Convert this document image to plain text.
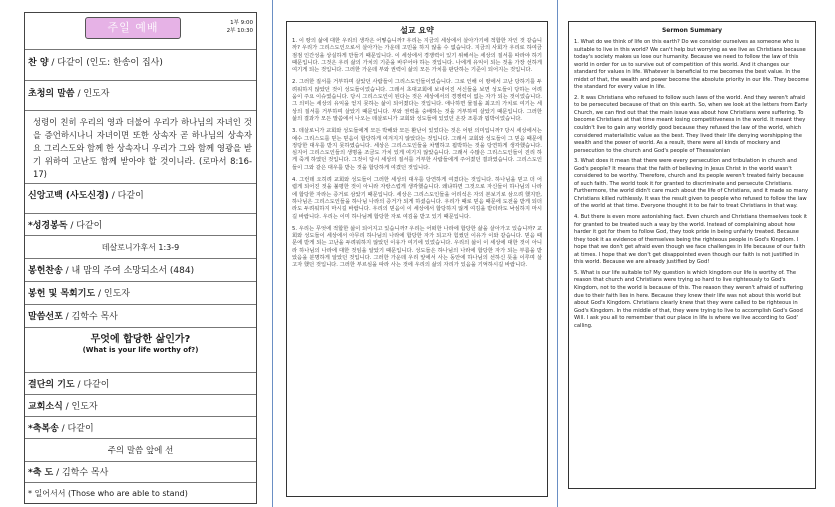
주일 예배	1부 9:00
2부 10:30
찬 양 / 다같이 (인도: 한송이 집사)
초청의 말씀 / 인도자
성령이 친히 우리의 영과 더불어 우리가 하나님의 자녀인 것을 증언하시나니 자녀이면 또한 상속자 곧 하나님의 상속자요 그리스도와 함께 한 상속자니 우리가 그와 함께 영광을 받기 위하여 고난도 함께 받아야 할 것이니라. (로마서 8:16-17)
신앙고백 (사도신경) / 다같이
*성경봉독 / 다같이
데살로니가후서 1:3-9
봉헌찬송 / 내 맘의 주여 소망되소서 (484)
봉헌 및 목회기도 / 인도자
말씀선포 / 김학수 목사
무엇에 합당한 삶인가?
(What is your life worthy of?)
결단의 기도 / 다같이
교회소식 / 인도자
*축복송 / 다같이
주의 말씀 앞에 선
*축 도 / 김학수 목사
* 일어서서 (Those who are able to stand)
설교 요약

1. 이 땅의 삶에 대한 우리의 생각은 어떻습니까? 우리는 지금의 세상에서 살아가기에 적합한 자인 것 같습니까? 우리가 그리스도인으로서 살아가는 가운데 고민을 하지 않을 수 없습니다. 지금의 사회가 우리로 하여금 점점 인간성을 상실하게 만들기 때문입니다. 이 세상에서 경쟁력이 있기 위해서는 세상의 질서를 따라야 하기 때문입니다. 그것은 우리 삶의 가치의 기준을 바꾸어야 하는 것입니다. 나에게 유익이 되는 것을 가장 선하게 여기게 되는 것입니다. 그러한 가운데 부와 권력이 삶의 모든 가치를 판단하는 기준이 되어지는 것입니다.

2. 그러한 질서를 거부하며 살았던 사람들이 그리스도인들이었습니다. 그로 인해 이 땅에서 고난 당하기를 두려워하지 않았던 것이 성도들이었습니다. 그래서 초대교회에 보내어진 서신들을 보면 성도들이 당하는 어려움이 주요 이슈였습니다. 당시 그리스도인이 된다는 것은 세상에서의 경쟁력이 없는 자가 되는 것이었습니다. 그 의미는 세상의 유익을 얻지 못하는 삶이 되어졌다는 것입니다. 애나하면 물질을 최고의 가치로 여기는 세상의 질서를 거부하며 살았기 때문입니다. 부와 권력을 숭배하는 것을 거부하며 살았기 때문입니다. 그러한 삶의 결과가 모든 말씀에서 나오는 데살로니가 교회와 성도들에 있었던 온갖 조롱과 핍박이었습니다.

3. 데살로니가 교회와 성도들에게 모든 박해와 모든 환난이 있었다는 것은 어떤 의미입니까? 당시 세상에서는 예수 그리스도를 믿는 믿음이 합당하게 여겨지지 않았다는 것입니다. 그래서 교회와 성도들이 그 믿음 때문에 정당한 대우를 받지 못하였습니다. 세상은 그리스도인들을 차별하고 핍박하는 것을 당연하게 생각했습니다. 심지어 그리스도인들의 생명을 조금도 가치 있게 여기지 않았습니다. 그래서 수많은 그리스도인들이 진리 하게 죽게 하였던 것입니다. 그것이 당시 세상의 질서를 거부한 사람들에게 주어졌던 결과였습니다. 그리스도인들이 그와 같은 대우를 받는 것을 합당하게 여겼던 것입니다.

4. 그런데 오히려 교회와 성도들이 그러한 세상의 대우를 당연하게 여겼다는 것입니다. 하나님을 믿고 더 어렵게 되어진 것을 불평한 것이 아니라 자랑스럽게 생각했습니다. 왜냐하면 그것으로 자신들이 하나님의 나라에 합당한 자라는 증거로 삼았기 때문입니다. 세상은 그리스도인들을 어리석은 자의 본보기로 삼으려 했지만, 하나님은 그리스도인들을 하나님 나라의 증거가 되게 하셨습니다. 우리가 때로 믿음 때문에 도전을 받게 되더라도 두려워하지 마시길 바랍니다. 우리의 믿음이 이 세상에서 합당하지 않게 여김을 받더라도 낙심하지 마시길 바랍니다. 우리는 이미 하나님께 합당한 자로 여김을 받고 있기 때문입니다.

5. 우리는 무엇에 적합한 삶이 되어지고 있습니까? 우리는 어떠한 나라에 합당한 삶을 살아가고 있습니까? 교회와 성도들이 세상에서 아무리 하나님의 나라에 합당한 자가 되고자 힘썼던 이유가 이와 같습니다. 믿음 때문에 받게 되는 고난을 두려워하지 않았던 이유가 여기에 있었습니다. 우리의 삶이 이 세상에 대한 것이 아니라 하나님의 나라에 대한 것임을 알았기 때문입니다. 성도들은 하나님의 나라에 합당한 자가 되는 부름을 받았음을 분명하게 알았던 것입니다. 그러한 가운데 우리 앞에서 사는 동안에 하나님의 선하신 뜻을 이루며 살고자 했던 것입니다. 그러한 부르심을 따라 사는 것에 우리의 삶의 자리가 있음을 기억하시길 바랍니다.

Sermon Summary

1. What do we think of life on this earth? Do we consider ourselves as someone who is suitable to live in this world? We can't help but worrying as we live as Christians because today's society makes us lose our humanity. Because we need to follow the law of this world in order for us to survive out of competition of this world. And it changes our standard for values in life. Whatever is beneficial to me becomes the best value. In the midst of that, the wealth and power become the absolute priority in our life. They become the standard for every value in life.

2. It was Christians who refused to follow such laws of the world. And they weren't afraid to be persecuted because of that on this earth. So, when we look at the letters from Early Church, we can find out that the main issue was about how Christians were suffering. To become Christians at that time meant losing competitiveness in the world. It meant they couldn't live to gain any worldly good because they refused the law of the world, which considered materialistic value as the best. They lived their life denying worshipping the wealth and the power of world. As a result, there were all kinds of mockery and persecution to the church and God's people of Thessalonian

3. What does it mean that there were every persecution and tribulation in church and God's people? It means that the faith of believing in Jesus Christ in the world wasn't considered to be worthy. Therefore, church and its people weren't treated fairly because of such faith. The world took it for granted to discriminate and persecute Christians. Furthermore, the world didn't care much about the life of Christians, and it made so many Christians killed ruthlessly. It was the result given to people who refused to follow the law of the world at that time. Everyone thought it to be fair to treat Christians in that way.

4. But there is even more astonishing fact. Even church and Christians themselves took it for granted to be treated such a way by the world. Instead of complaining about how harder it got for them to follow God, they took pride in being unfairly treated. Because they took it as evidence of themselves being the righteous people in God's Kingdom. I hope that we don't get afraid even though we face challenges in life because of our faith at times. I hope that we don't get disappointed even though our faith is not justified in this world. Because we are already justified by God!

5. What is our life suitable to? My question is which kingdom our life is worthy of. The reason that church and Christians were trying so hard to live righteously to God's Kingdom, not to the world is because of this. The reason they weren't afraid of suffering due to their faith lies in here. Because they knew their life was not about this world but about God's Kingdom. Christians clearly knew that they were called to be righteous in God's Kingdom. In the middle of that, they were trying to live to accomplish God's Good Will. I ask you all to remember that our place in life is where we live according to God' calling.
